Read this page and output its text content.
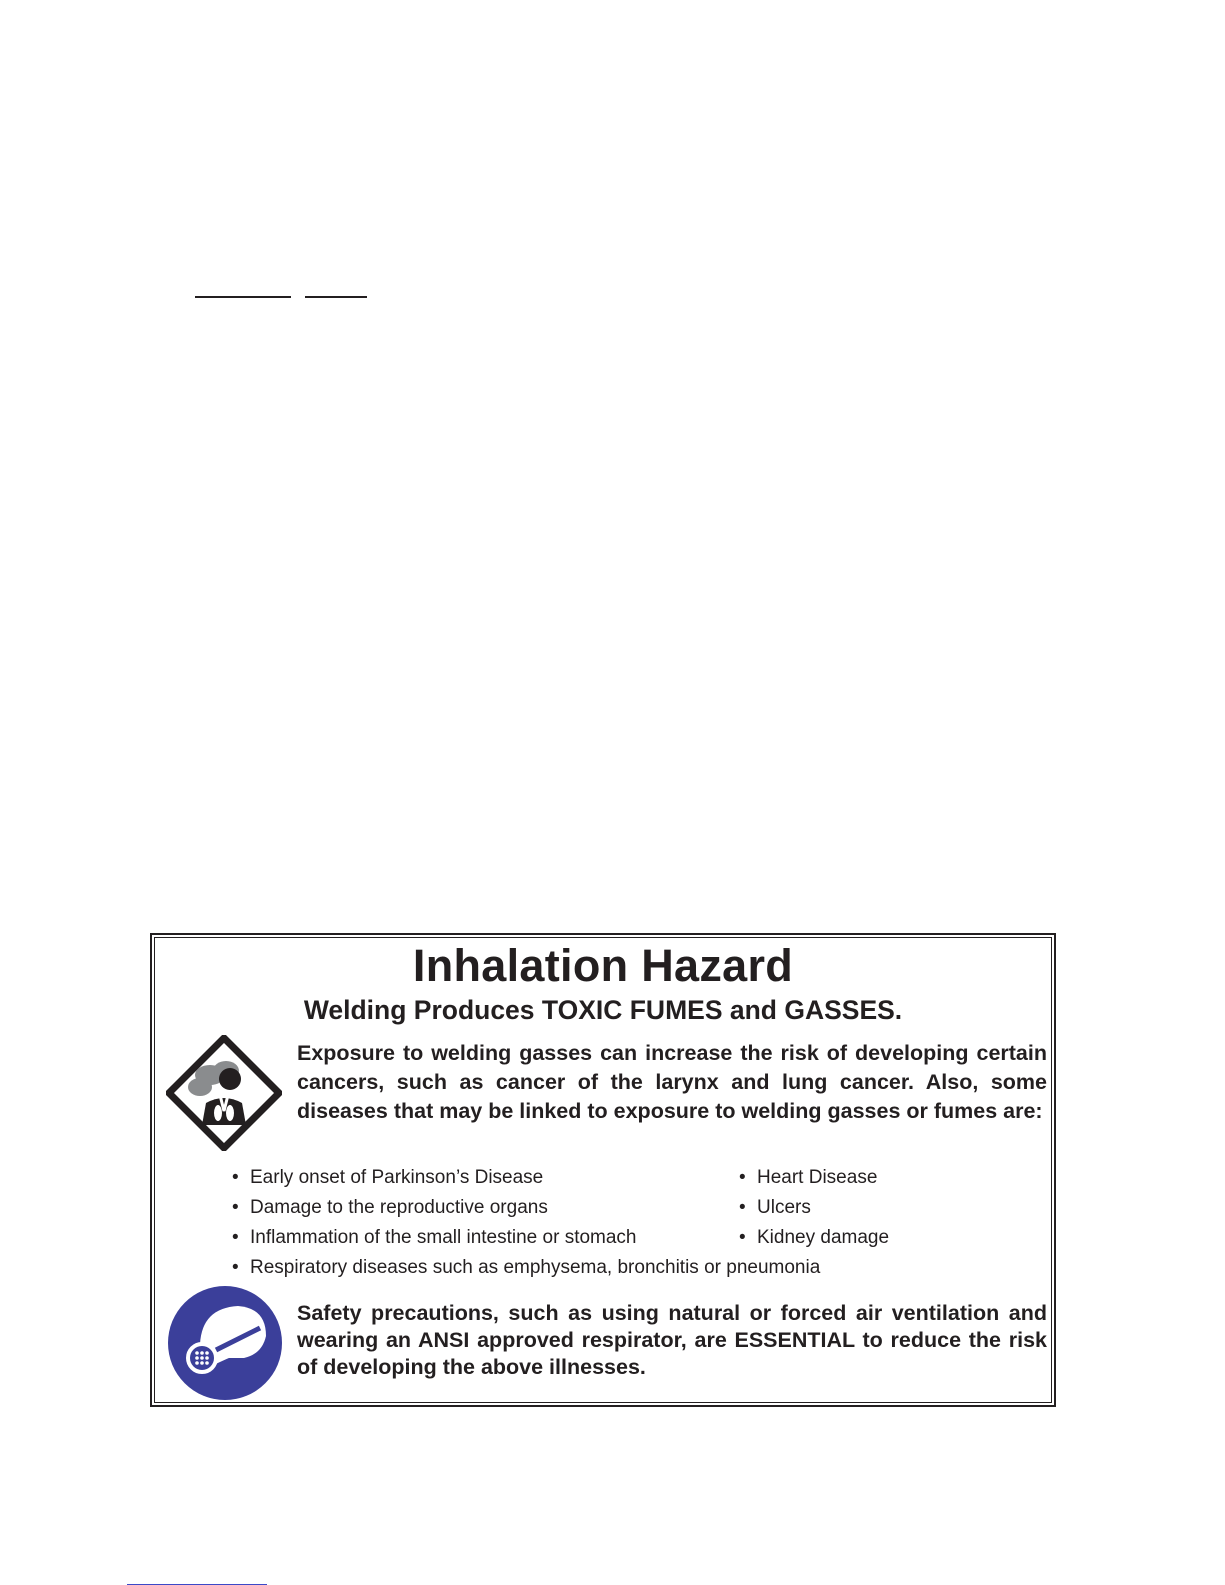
Inhalation Hazard
Welding Produces TOXIC FUMES and GASSES.
Exposure to welding gasses can increase the risk of developing certain cancers, such as cancer of the larynx and lung cancer. Also, some diseases that may be linked to exposure to welding gasses or fumes are:
• Early onset of Parkinson’s Disease
• Damage to the reproductive organs
• Inflammation of the small intestine or stomach
• Respiratory diseases such as emphysema, bronchitis or pneumonia
• Heart Disease
• Ulcers
• Kidney damage
Safety precautions, such as using natural or forced air ventilation and wearing an ANSI approved respirator, are ESSENTIAL to reduce the risk of developing the above illnesses.
